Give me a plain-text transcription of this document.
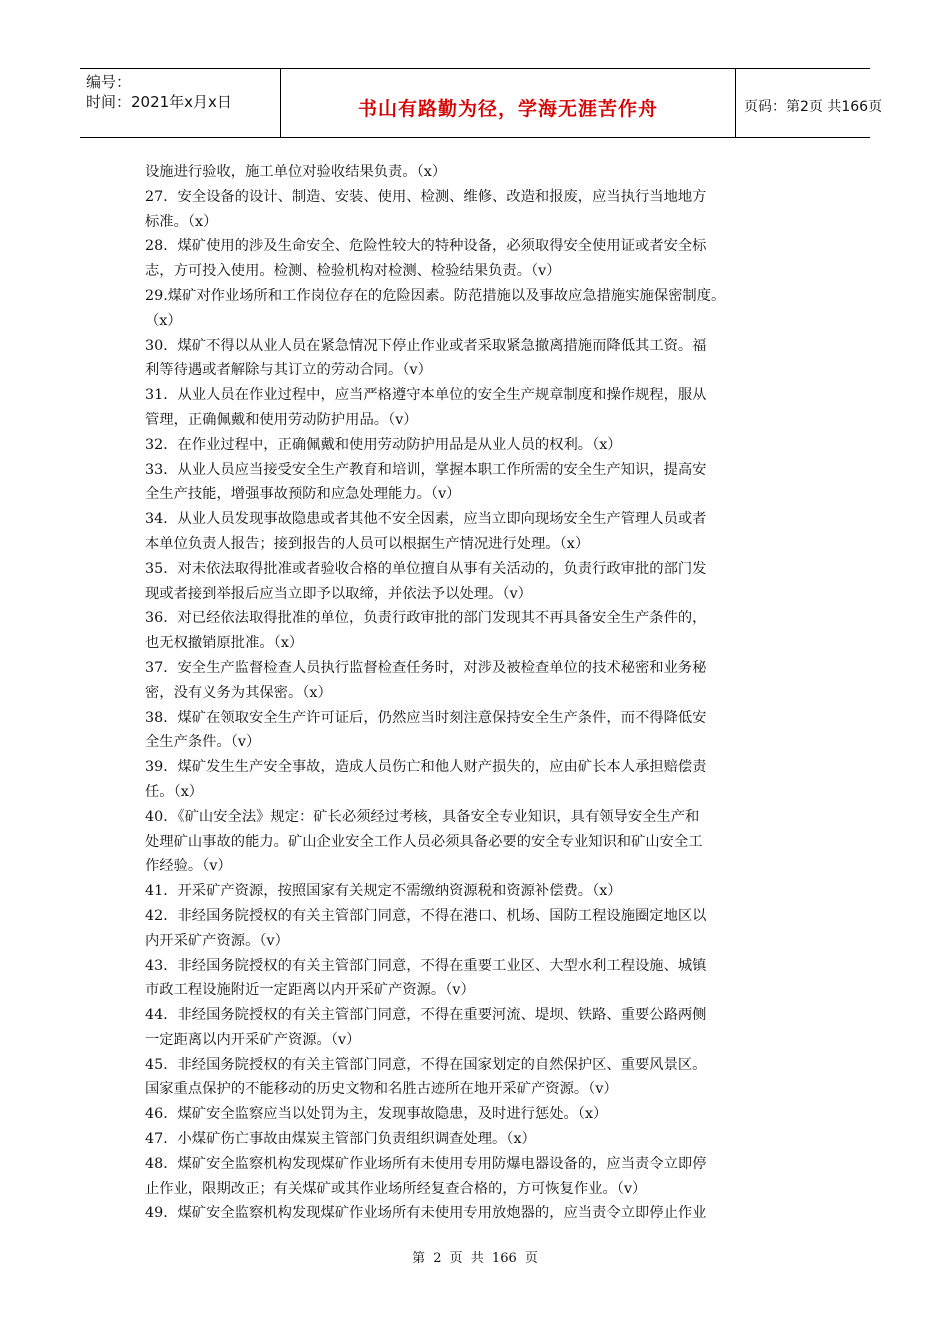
编号：
时间：2021年x月x日	书山有路勤为径，学海无涯苦作舟	页码：第2页 共166页
设施进行验收，施工单位对验收结果负责。（x）
27．安全设备的设计、制造、安装、使用、检测、维修、改造和报废，应当执行当地地方
标准。（x）
28．煤矿使用的涉及生命安全、危险性较大的特种设备，必须取得安全使用证或者安全标
志，方可投入使用。检测、检验机构对检测、检验结果负责。（v）
29.煤矿对作业场所和工作岗位存在的危险因素。防范措施以及事故应急措施实施保密制度。
（x）
30．煤矿不得以从业人员在紧急情况下停止作业或者采取紧急撤离措施而降低其工资。福
利等待遇或者解除与其订立的劳动合同。（v）
31．从业人员在作业过程中，应当严格遵守本单位的安全生产规章制度和操作规程，服从
管理，正确佩戴和使用劳动防护用品。（v）
32．在作业过程中，正确佩戴和使用劳动防护用品是从业人员的权利。（x）
33．从业人员应当接受安全生产教育和培训，掌握本职工作所需的安全生产知识，提高安
全生产技能，增强事故预防和应急处理能力。（v）
34．从业人员发现事故隐患或者其他不安全因素，应当立即向现场安全生产管理人员或者
本单位负责人报告；接到报告的人员可以根据生产情况进行处理。（x）
35．对未依法取得批准或者验收合格的单位擅自从事有关活动的，负责行政审批的部门发
现或者接到举报后应当立即予以取缔，并依法予以处理。（v）
36．对已经依法取得批准的单位，负责行政审批的部门发现其不再具备安全生产条件的，
也无权撤销原批准。（x）
37．安全生产监督检查人员执行监督检查任务时，对涉及被检查单位的技术秘密和业务秘
密，没有义务为其保密。（x）
38．煤矿在领取安全生产许可证后，仍然应当时刻注意保持安全生产条件，而不得降低安
全生产条件。（v）
39．煤矿发生生产安全事故，造成人员伤亡和他人财产损失的，应由矿长本人承担赔偿责
任。（x）
40．《矿山安全法》规定：矿长必须经过考核，具备安全专业知识，具有领导安全生产和
处理矿山事故的能力。矿山企业安全工作人员必须具备必要的安全专业知识和矿山安全工
作经验。（v）
41．开采矿产资源，按照国家有关规定不需缴纳资源税和资源补偿费。（x）
42．非经国务院授权的有关主管部门同意，不得在港口、机场、国防工程设施圈定地区以
内开采矿产资源。（v）
43．非经国务院授权的有关主管部门同意，不得在重要工业区、大型水利工程设施、城镇
市政工程设施附近一定距离以内开采矿产资源。（v）
44．非经国务院授权的有关主管部门同意，不得在重要河流、堤坝、铁路、重要公路两侧
一定距离以内开采矿产资源。（v）
45．非经国务院授权的有关主管部门同意，不得在国家划定的自然保护区、重要风景区。
国家重点保护的不能移动的历史文物和名胜古迹所在地开采矿产资源。（v）
46．煤矿安全监察应当以处罚为主，发现事故隐患，及时进行惩处。（x）
47．小煤矿伤亡事故由煤炭主管部门负责组织调查处理。（x）
48．煤矿安全监察机构发现煤矿作业场所有未使用专用防爆电器设备的，应当责令立即停
止作业，限期改正；有关煤矿或其作业场所经复查合格的，方可恢复作业。（v）
49．煤矿安全监察机构发现煤矿作业场所有未使用专用放炮器的，应当责令立即停止作业
第 2 页 共 166 页
